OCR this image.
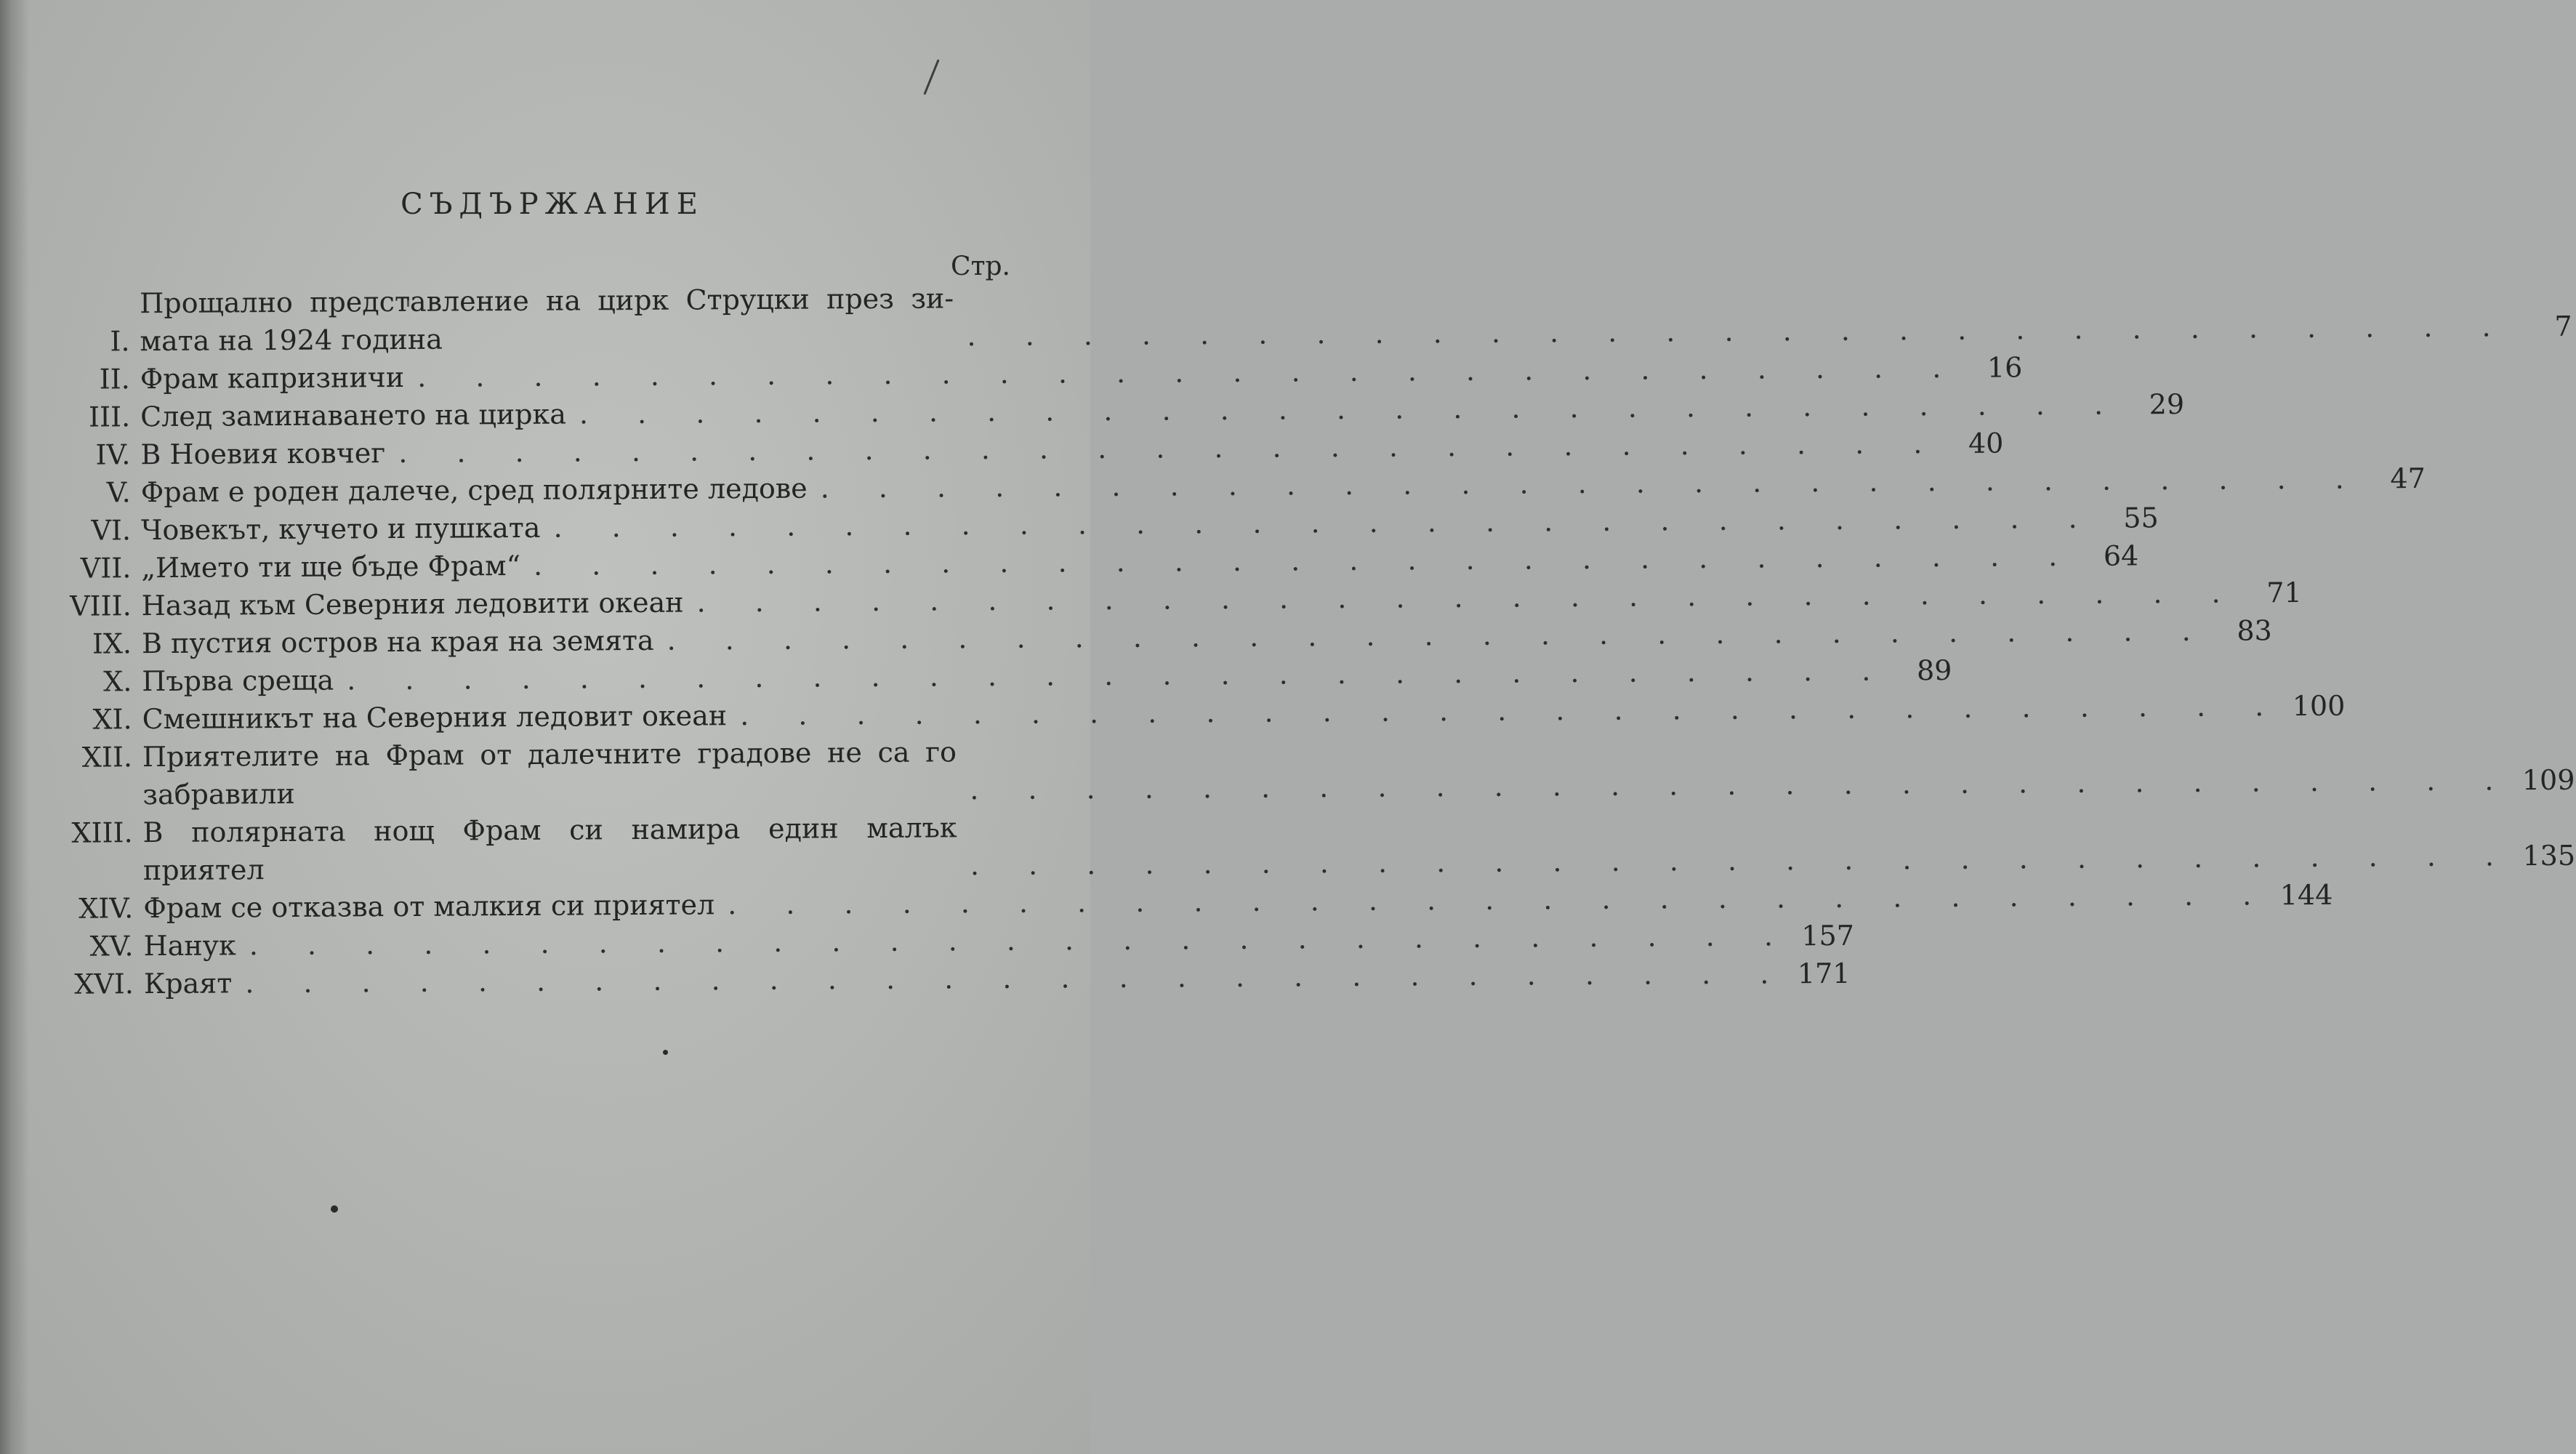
СЪДЪРЖАНИЕ
Стр.
I.
Прощално представление на цирк Струцки през зи-
мата на 1924 година	. . . . . . . . . . . . . . . . . . . . . . . . . . .	7
II. Фрам капризничи . . . . . . . . . . . . . . . . . . . . . . . . . . . 16
III. След заминаването на цирка . . . . . . . . . . . . . . . . . . . . . . . . . . . 29
IV. В Ноевия ковчег . . . . . . . . . . . . . . . . . . . . . . . . . . . 40
V. Фрам е роден далече, сред полярните ледове . . . . . . . . . . . . . . . . . . . . . . . . . . . 47
VI. Човекът, кучето и пушката . . . . . . . . . . . . . . . . . . . . . . . . . . . 55
VII. „Името ти ще бъде Фрам“ . . . . . . . . . . . . . . . . . . . . . . . . . . . 64
VIII. Назад към Северния ледовити океан . . . . . . . . . . . . . . . . . . . . . . . . . . . 71
IX. В пустия остров на края на земята . . . . . . . . . . . . . . . . . . . . . . . . . . . 83
X. Първа среща . . . . . . . . . . . . . . . . . . . . . . . . . . . 89
XI. Смешникът на Северния ледовит океан . . . . . . . . . . . . . . . . . . . . . . . . . . . 100
XII. Приятелите на Фрам от далечните градове не са го
забравили	. . . . . . . . . . . . . . . . . . . . . . . . . . . 109
XIII. В полярната нощ Фрам си намира един малък
приятел	. . . . . . . . . . . . . . . . . . . . . . . . . . . 135
XIV. Фрам се отказва от малкия си приятел . . . . . . . . . . . . . . . . . . . . . . . . . . . 144
XV. Нанук . . . . . . . . . . . . . . . . . . . . . . . . . . . 157
XVI. Краят . . . . . . . . . . . . . . . . . . . . . . . . . . . 171
